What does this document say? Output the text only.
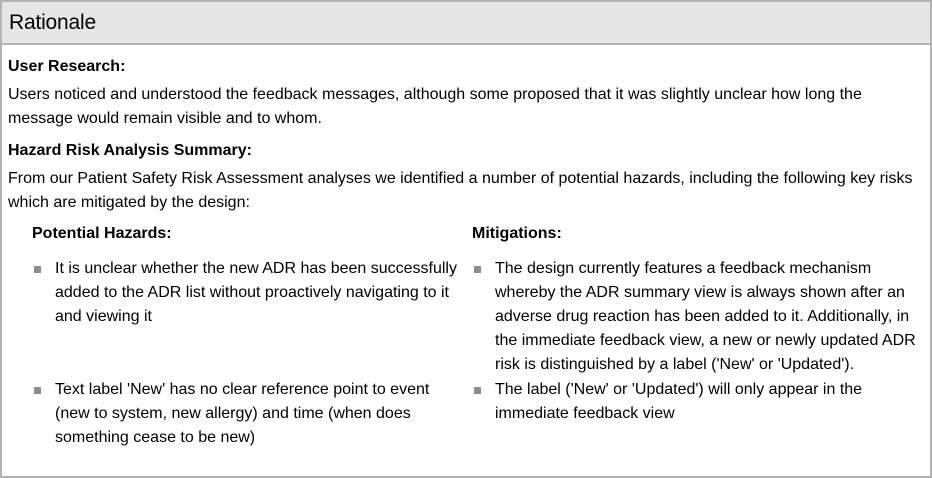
Rationale
User Research:

Users noticed and understood the feedback messages, although some proposed that it was slightly unclear how long the message would remain visible and to whom.

Hazard Risk Analysis Summary:

From our Patient Safety Risk Assessment analyses we identified a number of potential hazards, including the following key risks which are mitigated by the design:

Potential Hazards:
It is unclear whether the new ADR has been successfully added to the ADR list without proactively navigating to it and viewing it
Text label 'New' has no clear reference point to event (new to system, new allergy) and time (when does something cease to be new)
Mitigations:
The design currently features a feedback mechanism whereby the ADR summary view is always shown after an adverse drug reaction has been added to it. Additionally, in the immediate feedback view, a new or newly updated ADR risk is distinguished by a label ('New' or 'Updated').
The label ('New' or 'Updated') will only appear in the immediate feedback view
